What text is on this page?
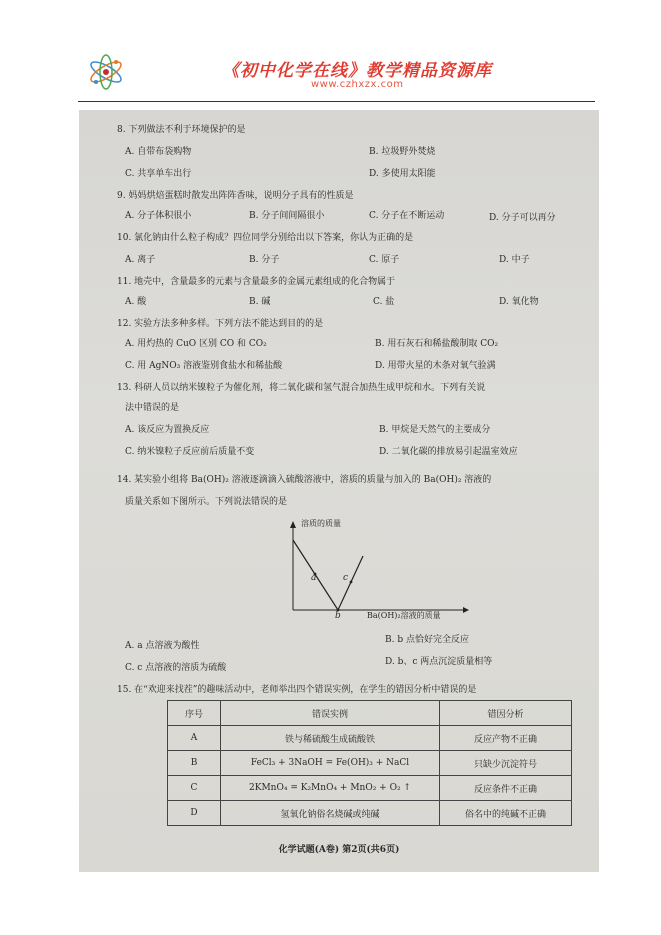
《初中化学在线》教学精品资源库
www.czhxzx.com
8. 下列做法不利于环境保护的是
A. 自带布袋购物	B. 垃圾野外焚烧
C. 共享单车出行	D. 多使用太阳能
9. 妈妈烘焙蛋糕时散发出阵阵香味，说明分子具有的性质是
A. 分子体积很小	B. 分子间间隔很小	C. 分子在不断运动	D. 分子可以再分
10. 氯化钠由什么粒子构成？四位同学分别给出以下答案，你认为正确的是
A. 离子	B. 分子	C. 原子	D. 中子
11. 地壳中，含量最多的元素与含量最多的金属元素组成的化合物属于
A. 酸	B. 碱	C. 盐	D. 氧化物
12. 实验方法多种多样。下列方法不能达到目的的是
A. 用灼热的 CuO 区别 CO 和 CO₂	B. 用石灰石和稀盐酸制取 CO₂
C. 用 AgNO₃ 溶液鉴别食盐水和稀盐酸	D. 用带火星的木条对氧气验满
13. 科研人员以纳米镍粒子为催化剂，将二氧化碳和氢气混合加热生成甲烷和水。下列有关说
法中错误的是
A. 该反应为置换反应	B. 甲烷是天然气的主要成分
C. 纳米镍粒子反应前后质量不变	D. 二氧化碳的排放易引起温室效应
14. 某实验小组将 Ba(OH)₂ 溶液逐滴滴入硫酸溶液中，溶质的质量与加入的 Ba(OH)₂ 溶液的
质量关系如下图所示。下列说法错误的是
溶质的质量
a
b
c
Ba(OH)₂溶液的质量
A. a 点溶液为酸性
B. b 点恰好完全反应
C. c 点溶液的溶质为硫酸
D. b、c 两点沉淀质量相等
15. 在“欢迎来找茬”的趣味活动中，老师举出四个错误实例，在学生的错因分析中错误的是
序号	错误实例	错因分析
A	铁与稀硫酸生成硫酸铁	反应产物不正确
B	FeCl₃ + 3NaOH = Fe(OH)₃ + NaCl	只缺少沉淀符号
C	2KMnO₄ = K₂MnO₄ + MnO₂ + O₂ ↑	反应条件不正确
D	氢氧化钠俗名烧碱或纯碱	俗名中的纯碱不正确
化学试题(A卷) 第2页(共6页)
